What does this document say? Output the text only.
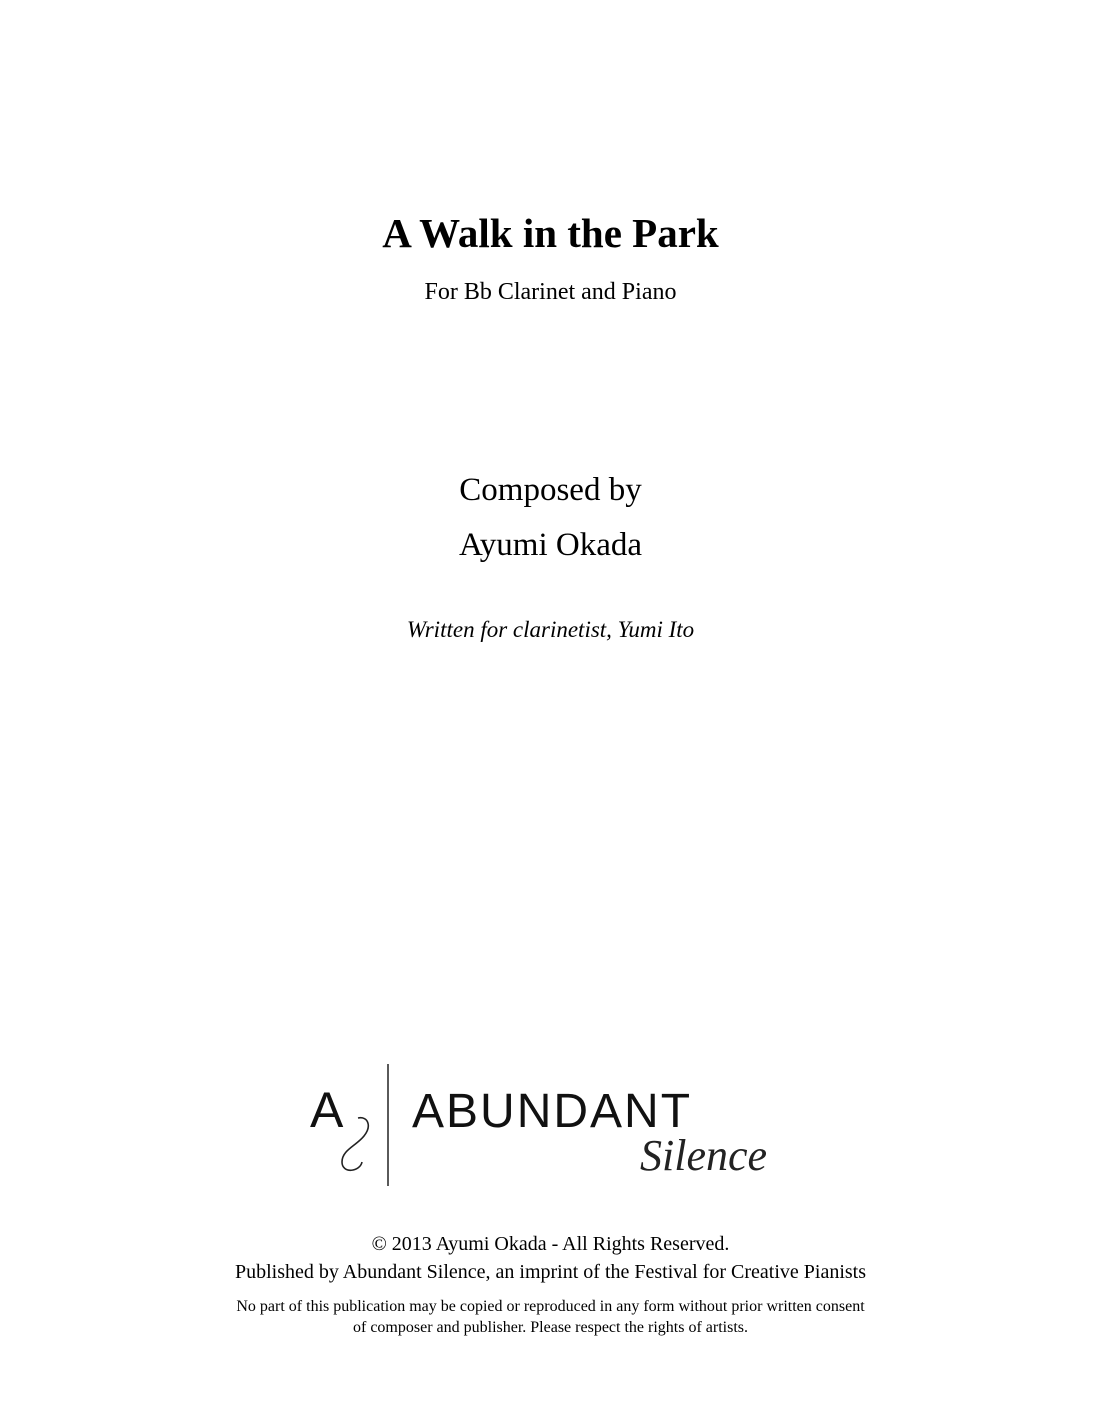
A Walk in the Park
For Bb Clarinet and Piano
Composed by
Ayumi Okada
Written for clarinetist, Yumi Ito
A ABUNDANT
Silence
© 2013 Ayumi Okada - All Rights Reserved.
Published by Abundant Silence, an imprint of the Festival for Creative Pianists
No part of this publication may be copied or reproduced in any form without prior written consent
of composer and publisher. Please respect the rights of artists.
